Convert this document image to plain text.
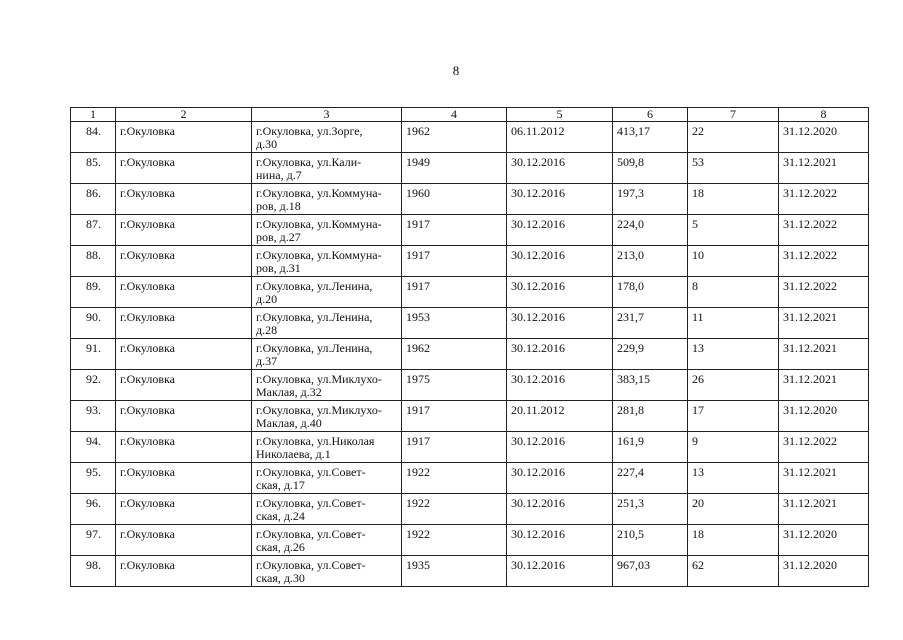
8
1	2	3	4	5	6	7	8

84.	г.Окуловка	г.Окуловка, ул.Зорге,
д.30	1962	06.11.2012	413,17	22	31.12.2020

85.	г.Окуловка	г.Окуловка, ул.Кали-
нина, д.7	1949	30.12.2016	509,8	53	31.12.2021

86.	г.Окуловка	г.Окуловка, ул.Коммуна-
ров, д.18	1960	30.12.2016	197,3	18	31.12.2022

87.	г.Окуловка	г.Окуловка, ул.Коммуна-
ров, д.27	1917	30.12.2016	224,0	5	31.12.2022

88.	г.Окуловка	г.Окуловка, ул.Коммуна-
ров, д.31	1917	30.12.2016	213,0	10	31.12.2022

89.	г.Окуловка	г.Окуловка, ул.Ленина,
д.20	1917	30.12.2016	178,0	8	31.12.2022

90.	г.Окуловка	г.Окуловка, ул.Ленина,
д.28	1953	30.12.2016	231,7	11	31.12.2021

91.	г.Окуловка	г.Окуловка, ул.Ленина,
д.37	1962	30.12.2016	229,9	13	31.12.2021

92.	г.Окуловка	г.Окуловка, ул.Миклухо-
Маклая, д.32	1975	30.12.2016	383,15	26	31.12.2021

93.	г.Окуловка	г.Окуловка, ул.Миклухо-
Маклая, д.40	1917	20.11.2012	281,8	17	31.12.2020

94.	г.Окуловка	г.Окуловка, ул.Николая
Николаева, д.1	1917	30.12.2016	161,9	9	31.12.2022

95.	г.Окуловка	г.Окуловка, ул.Совет-
ская, д.17	1922	30.12.2016	227,4	13	31.12.2021

96.	г.Окуловка	г.Окуловка, ул.Совет-
ская, д.24	1922	30.12.2016	251,3	20	31.12.2021

97.	г.Окуловка	г.Окуловка, ул.Совет-
ская, д.26	1922	30.12.2016	210,5	18	31.12.2020

98.	г.Окуловка	г.Окуловка, ул.Совет-
ская, д.30	1935	30.12.2016	967,03	62	31.12.2020
